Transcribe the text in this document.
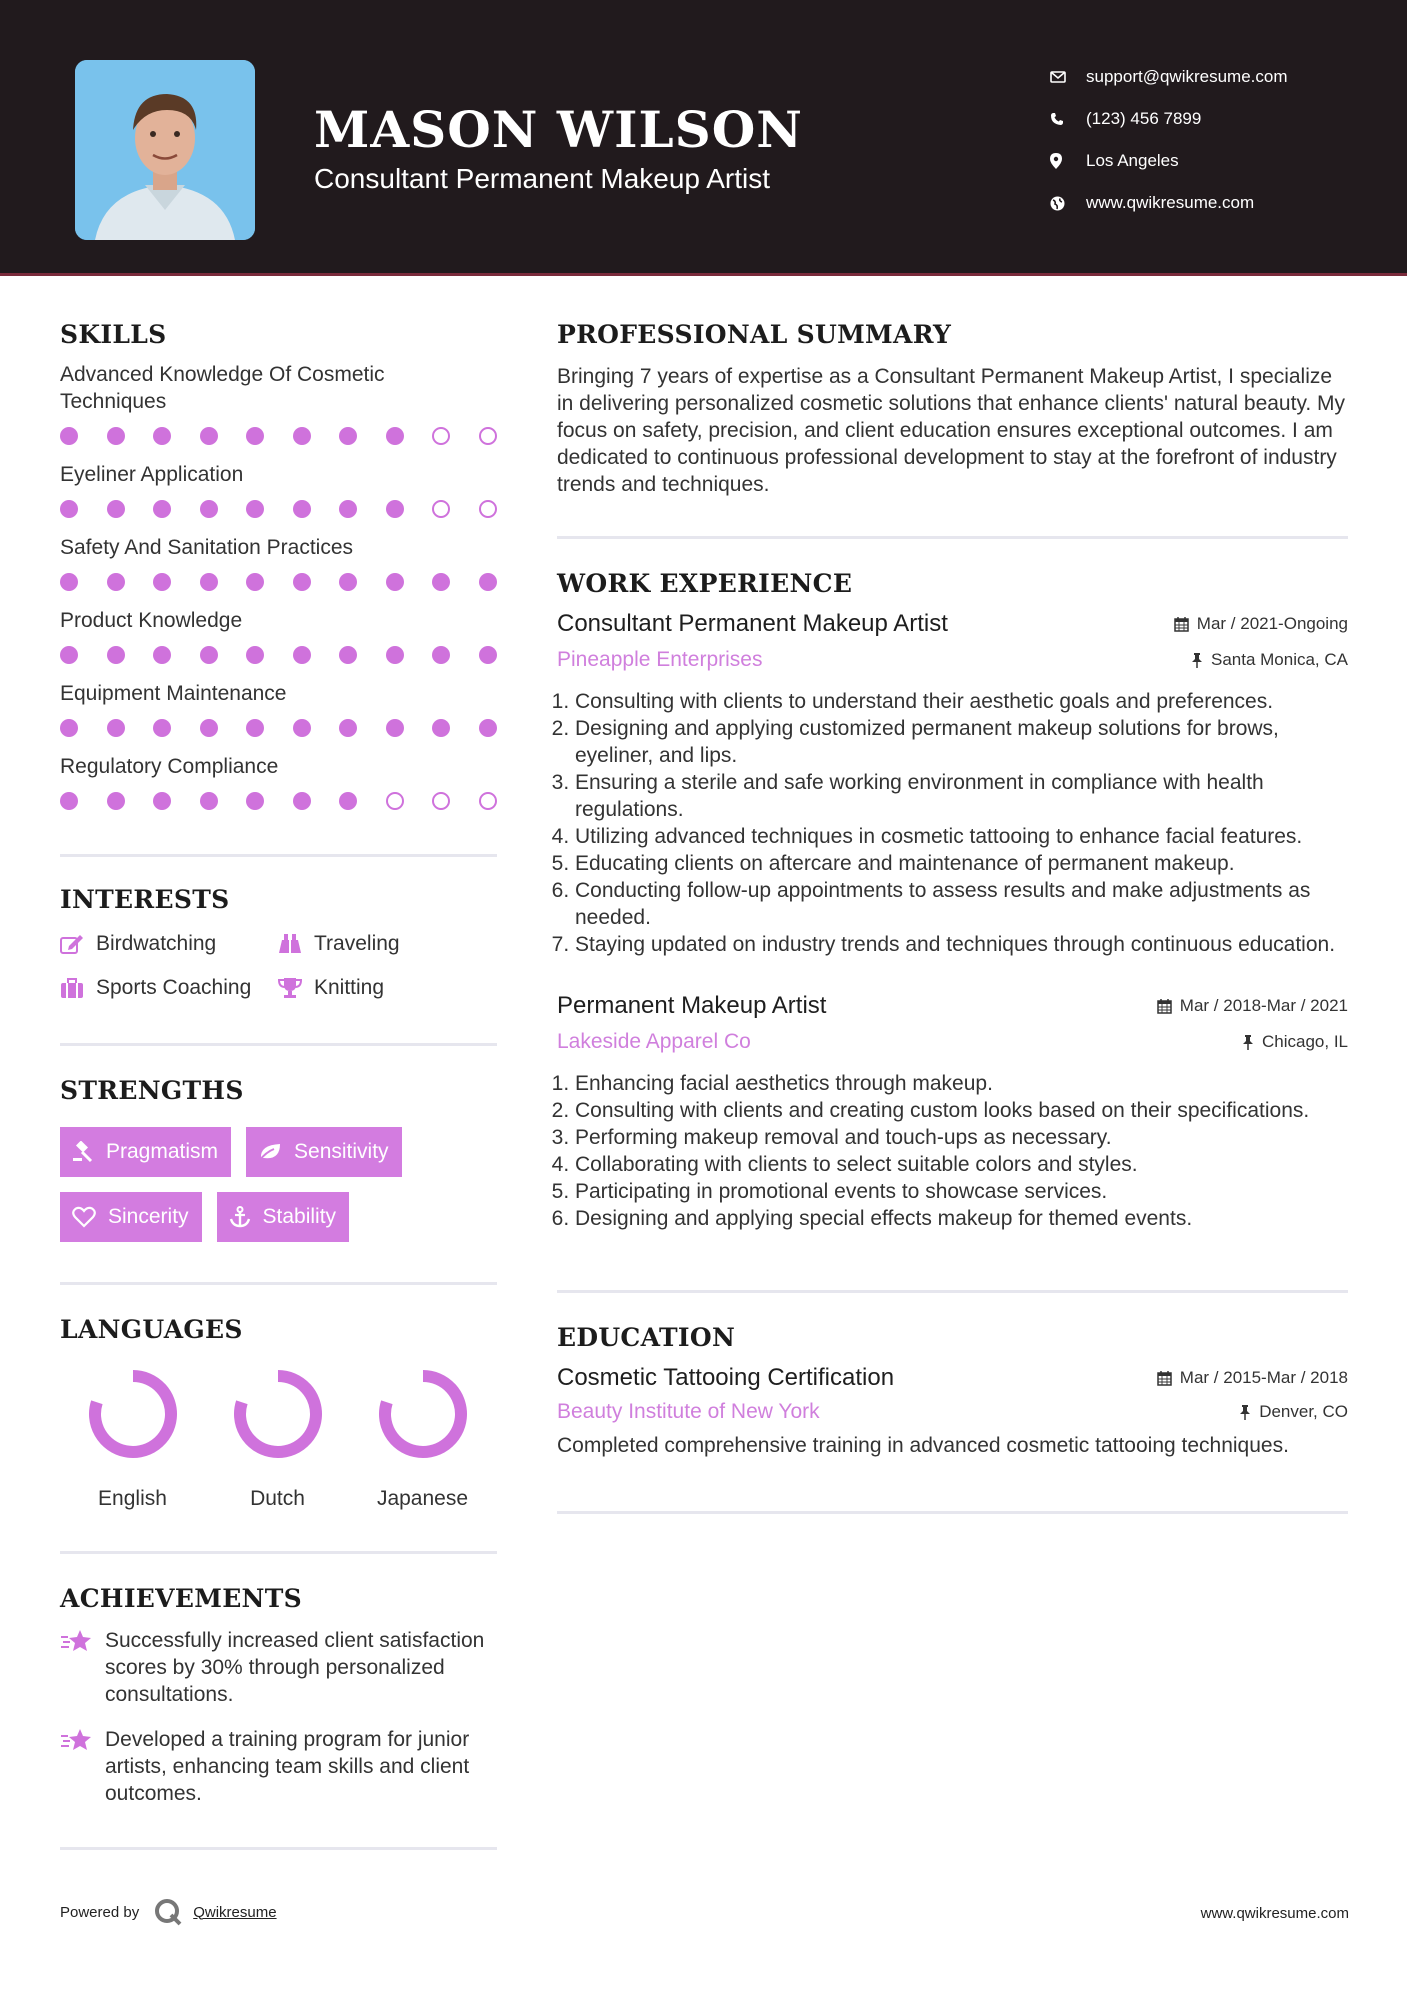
MASON WILSON
Consultant Permanent Makeup Artist
support@qwikresume.com
(123) 456 7899
Los Angeles
www.qwikresume.com
SKILLS
Advanced Knowledge Of Cosmetic Techniques
Eyeliner Application
Safety And Sanitation Practices
Product Knowledge
Equipment Maintenance
Regulatory Compliance
INTERESTS
Birdwatching	Traveling
Sports Coaching	Knitting
STRENGTHS
Pragmatism	Sensitivity
Sincerity	Stability
LANGUAGES
English	Dutch	Japanese
ACHIEVEMENTS
Successfully increased client satisfaction scores by 30% through personalized consultations.
Developed a training program for junior artists, enhancing team skills and client outcomes.
PROFESSIONAL SUMMARY
Bringing 7 years of expertise as a Consultant Permanent Makeup Artist, I specialize in delivering personalized cosmetic solutions that enhance clients' natural beauty. My focus on safety, precision, and client education ensures exceptional outcomes. I am dedicated to continuous professional development to stay at the forefront of industry trends and techniques.
WORK EXPERIENCE
Consultant Permanent Makeup Artist	Mar / 2021-Ongoing
Pineapple Enterprises	Santa Monica, CA
1. Consulting with clients to understand their aesthetic goals and preferences.
2. Designing and applying customized permanent makeup solutions for brows, eyeliner, and lips.
3. Ensuring a sterile and safe working environment in compliance with health regulations.
4. Utilizing advanced techniques in cosmetic tattooing to enhance facial features.
5. Educating clients on aftercare and maintenance of permanent makeup.
6. Conducting follow-up appointments to assess results and make adjustments as needed.
7. Staying updated on industry trends and techniques through continuous education.
Permanent Makeup Artist	Mar / 2018-Mar / 2021
Lakeside Apparel Co	Chicago, IL
1. Enhancing facial aesthetics through makeup.
2. Consulting with clients and creating custom looks based on their specifications.
3. Performing makeup removal and touch-ups as necessary.
4. Collaborating with clients to select suitable colors and styles.
5. Participating in promotional events to showcase services.
6. Designing and applying special effects makeup for themed events.
EDUCATION
Cosmetic Tattooing Certification	Mar / 2015-Mar / 2018
Beauty Institute of New York	Denver, CO
Completed comprehensive training in advanced cosmetic tattooing techniques.
Powered by	Qwikresume	www.qwikresume.com
